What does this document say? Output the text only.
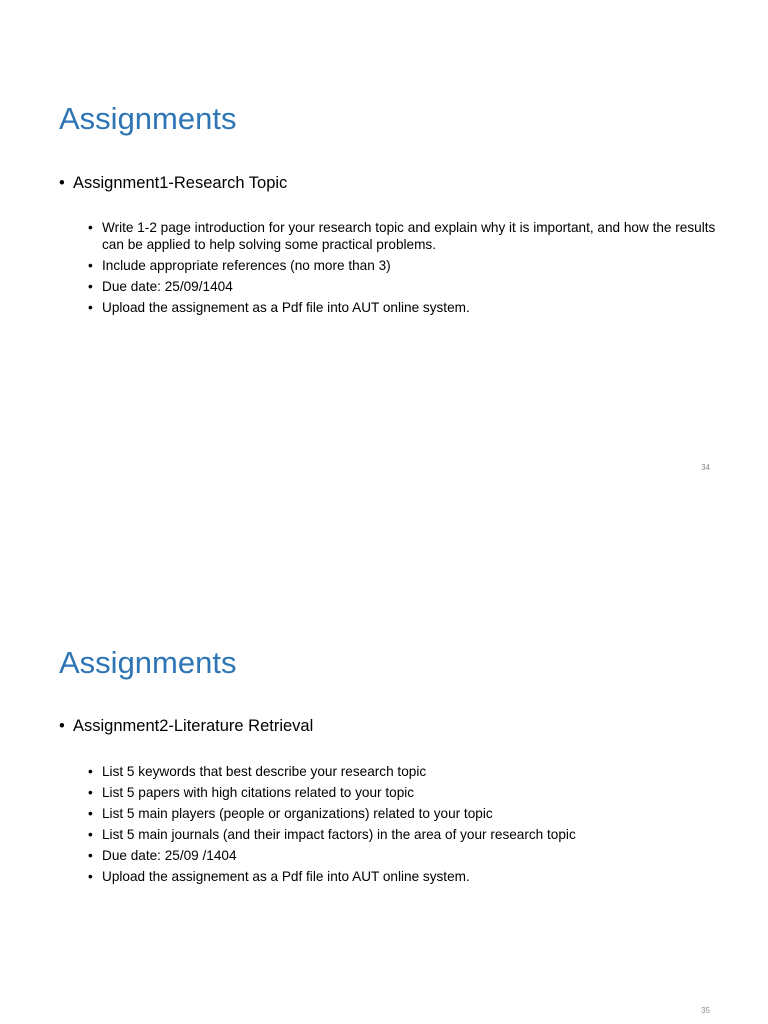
Assignments
• Assignment1-Research Topic
• Write 1-2 page introduction for your research topic and explain why it is important, and how the results can be applied to help solving some practical problems.
• Include appropriate references (no more than 3)
• Due date: 25/09/1404
• Upload the assignement as a Pdf file into AUT online system.
34
Assignments
• Assignment2-Literature Retrieval
• List 5 keywords that best describe your research topic
• List 5 papers with high citations related to your topic
• List 5 main players (people or organizations) related to your topic
• List 5 main journals (and their impact factors) in the area of your research topic
• Due date: 25/09 /1404
• Upload the assignement as a Pdf file into AUT online system.
35
